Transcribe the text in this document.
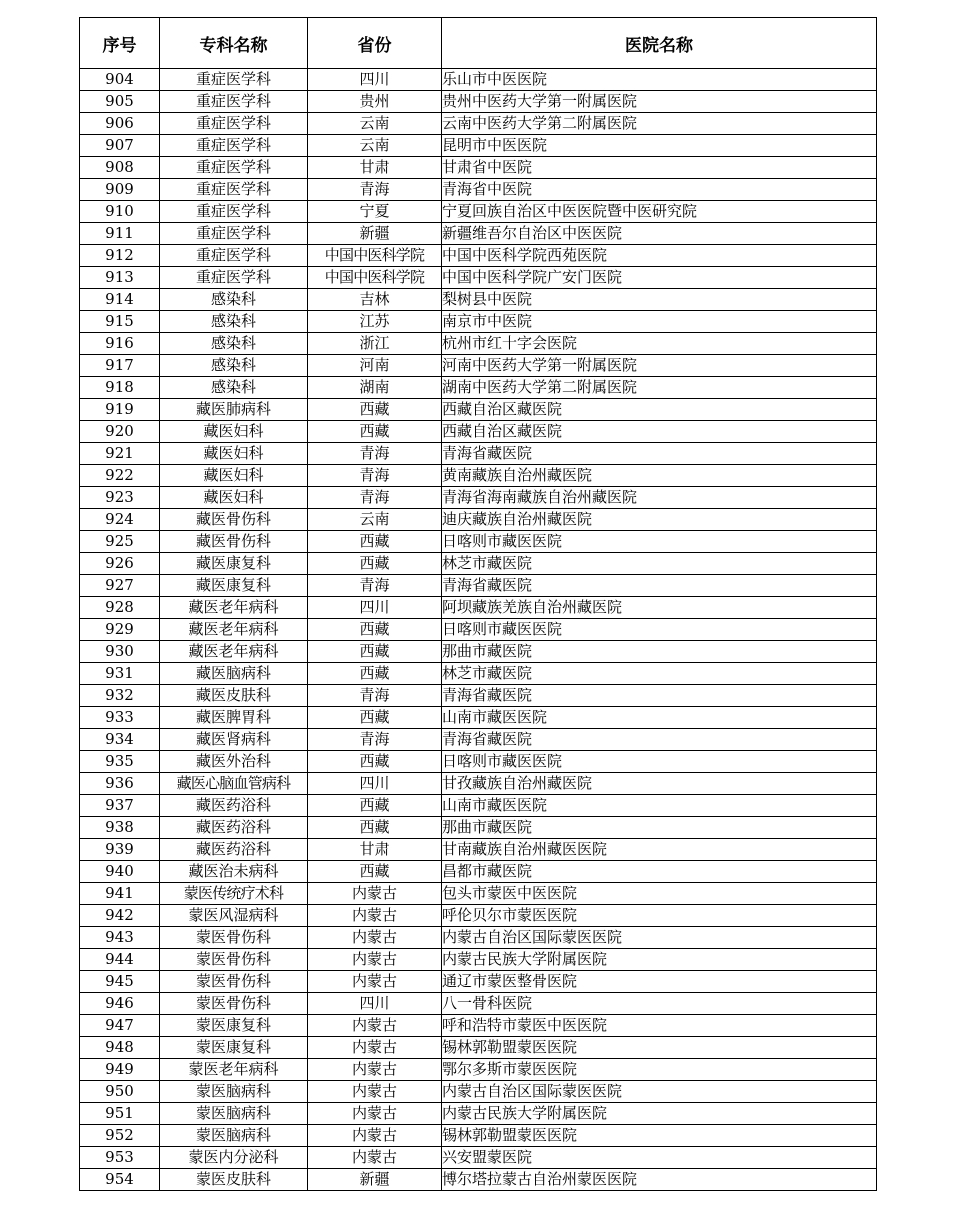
序号	专科名称	省份	医院名称
904	重症医学科	四川	乐山市中医医院
905	重症医学科	贵州	贵州中医药大学第一附属医院
906	重症医学科	云南	云南中医药大学第二附属医院
907	重症医学科	云南	昆明市中医医院
908	重症医学科	甘肃	甘肃省中医院
909	重症医学科	青海	青海省中医院
910	重症医学科	宁夏	宁夏回族自治区中医医院暨中医研究院
911	重症医学科	新疆	新疆维吾尔自治区中医医院
912	重症医学科	中国中医科学院	中国中医科学院西苑医院
913	重症医学科	中国中医科学院	中国中医科学院广安门医院
914	感染科	吉林	梨树县中医院
915	感染科	江苏	南京市中医院
916	感染科	浙江	杭州市红十字会医院
917	感染科	河南	河南中医药大学第一附属医院
918	感染科	湖南	湖南中医药大学第二附属医院
919	藏医肺病科	西藏	西藏自治区藏医院
920	藏医妇科	西藏	西藏自治区藏医院
921	藏医妇科	青海	青海省藏医院
922	藏医妇科	青海	黄南藏族自治州藏医院
923	藏医妇科	青海	青海省海南藏族自治州藏医院
924	藏医骨伤科	云南	迪庆藏族自治州藏医院
925	藏医骨伤科	西藏	日喀则市藏医医院
926	藏医康复科	西藏	林芝市藏医院
927	藏医康复科	青海	青海省藏医院
928	藏医老年病科	四川	阿坝藏族羌族自治州藏医院
929	藏医老年病科	西藏	日喀则市藏医医院
930	藏医老年病科	西藏	那曲市藏医院
931	藏医脑病科	西藏	林芝市藏医院
932	藏医皮肤科	青海	青海省藏医院
933	藏医脾胃科	西藏	山南市藏医医院
934	藏医肾病科	青海	青海省藏医院
935	藏医外治科	西藏	日喀则市藏医医院
936	藏医心脑血管病科	四川	甘孜藏族自治州藏医院
937	藏医药浴科	西藏	山南市藏医医院
938	藏医药浴科	西藏	那曲市藏医院
939	藏医药浴科	甘肃	甘南藏族自治州藏医医院
940	藏医治未病科	西藏	昌都市藏医院
941	蒙医传统疗术科	内蒙古	包头市蒙医中医医院
942	蒙医风湿病科	内蒙古	呼伦贝尔市蒙医医院
943	蒙医骨伤科	内蒙古	内蒙古自治区国际蒙医医院
944	蒙医骨伤科	内蒙古	内蒙古民族大学附属医院
945	蒙医骨伤科	内蒙古	通辽市蒙医整骨医院
946	蒙医骨伤科	四川	八一骨科医院
947	蒙医康复科	内蒙古	呼和浩特市蒙医中医医院
948	蒙医康复科	内蒙古	锡林郭勒盟蒙医医院
949	蒙医老年病科	内蒙古	鄂尔多斯市蒙医医院
950	蒙医脑病科	内蒙古	内蒙古自治区国际蒙医医院
951	蒙医脑病科	内蒙古	内蒙古民族大学附属医院
952	蒙医脑病科	内蒙古	锡林郭勒盟蒙医医院
953	蒙医内分泌科	内蒙古	兴安盟蒙医院
954	蒙医皮肤科	新疆	博尔塔拉蒙古自治州蒙医医院
